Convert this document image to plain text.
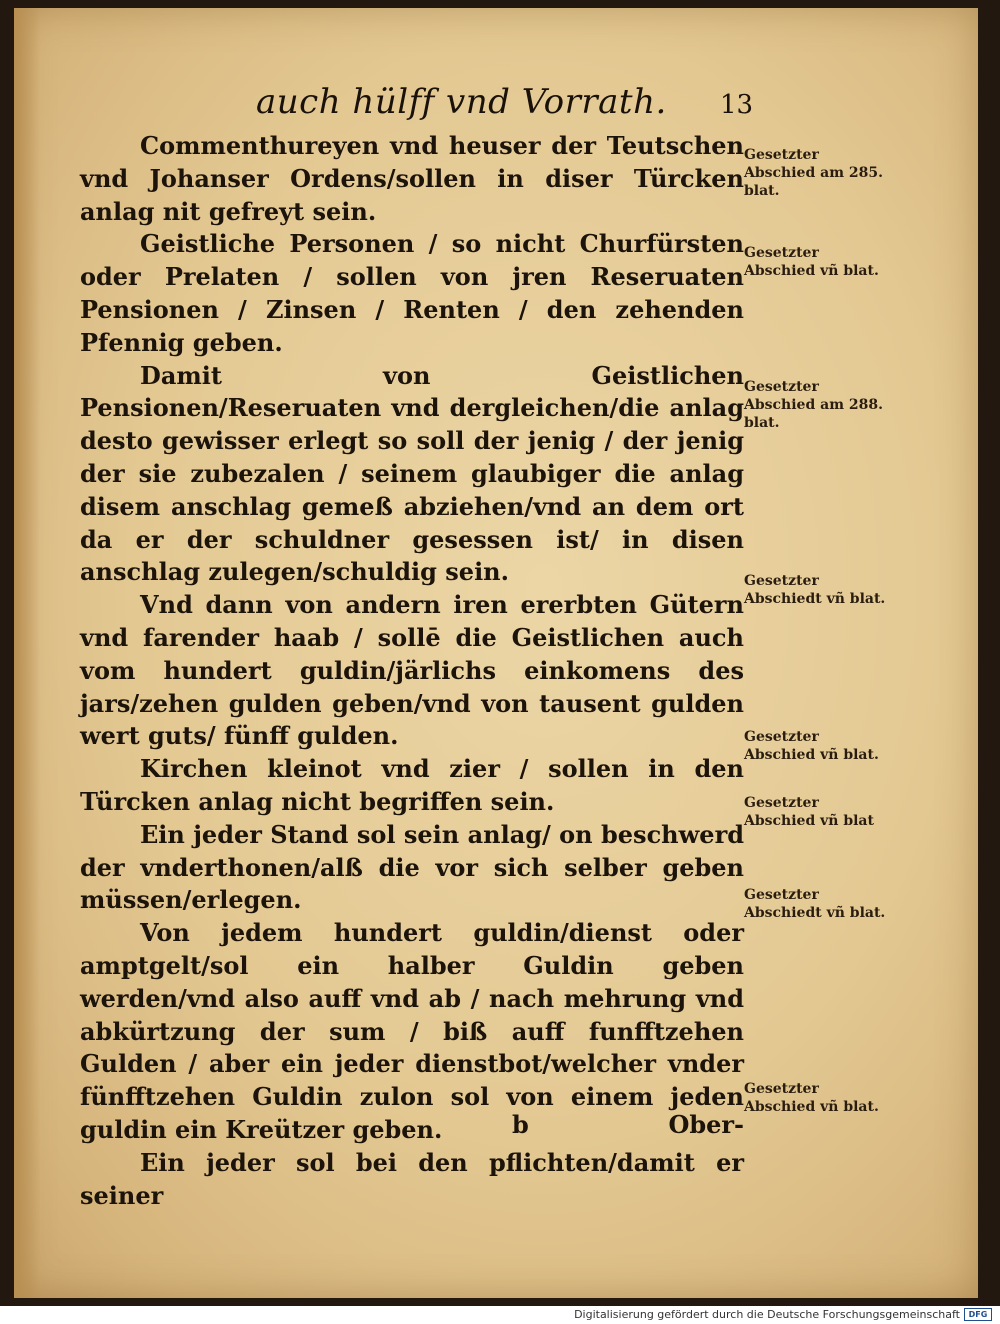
auch hülff vnd Vorrath. 13

Commenthureyen vnd heuser der Teutschen vnd Johanser Ordens/sollen in diser Türcken anlag nit gefreyt sein.

Geistliche Personen / so nicht Churfürsten oder Prelaten / sollen von jren Reseruaten Pensionen / Zinsen / Renten / den zehenden Pfennig geben.

Damit von Geistlichen Pensionen/Reseruaten vnd dergleichen/die anlag desto gewisser erlegt so soll der jenig / der jenig der sie zubezalen / seinem glaubiger die anlag disem anschlag gemeß abziehen/vnd an dem ort da er der schuldner gesessen ist/ in disen anschlag zulegen/schuldig sein.

Vnd dann von andern iren ererbten Gütern vnd farender haab / sollē die Geistlichen auch vom hundert guldin/järlichs einkomens des jars/zehen gulden geben/vnd von tausent gulden wert guts/ fünff gulden.

Kirchen kleinot vnd zier / sollen in den Türcken anlag nicht begriffen sein.

Ein jeder Stand sol sein anlag/ on beschwerd der vnderthonen/alß die vor sich selber geben müssen/erlegen.

Von jedem hundert guldin/dienst oder amptgelt/sol ein halber Guldin geben werden/vnd also auff vnd ab / nach mehrung vnd abkürtzung der sum / biß auff funfftzehen Gulden / aber ein jeder dienstbot/welcher vnder fünfftzehen Guldin zulon sol von einem jeden guldin ein Kreützer geben.

Ein jeder sol bei den pflichten/damit er seiner

Gesetzter Abschied am 285. blat.
Gesetzter Abschied vñ blat.
Gesetzter Abschied am 288. blat.
Gesetzter Abschiedt vñ blat.
Gesetzter Abschied vñ blat.
Gesetzter Abschied vñ blat
Gesetzter Abschiedt vñ blat.
Gesetzter Abschied vñ blat.
b	Ober-
Digitalisierung gefördert durch die Deutsche Forschungsgemeinschaft	DFG
